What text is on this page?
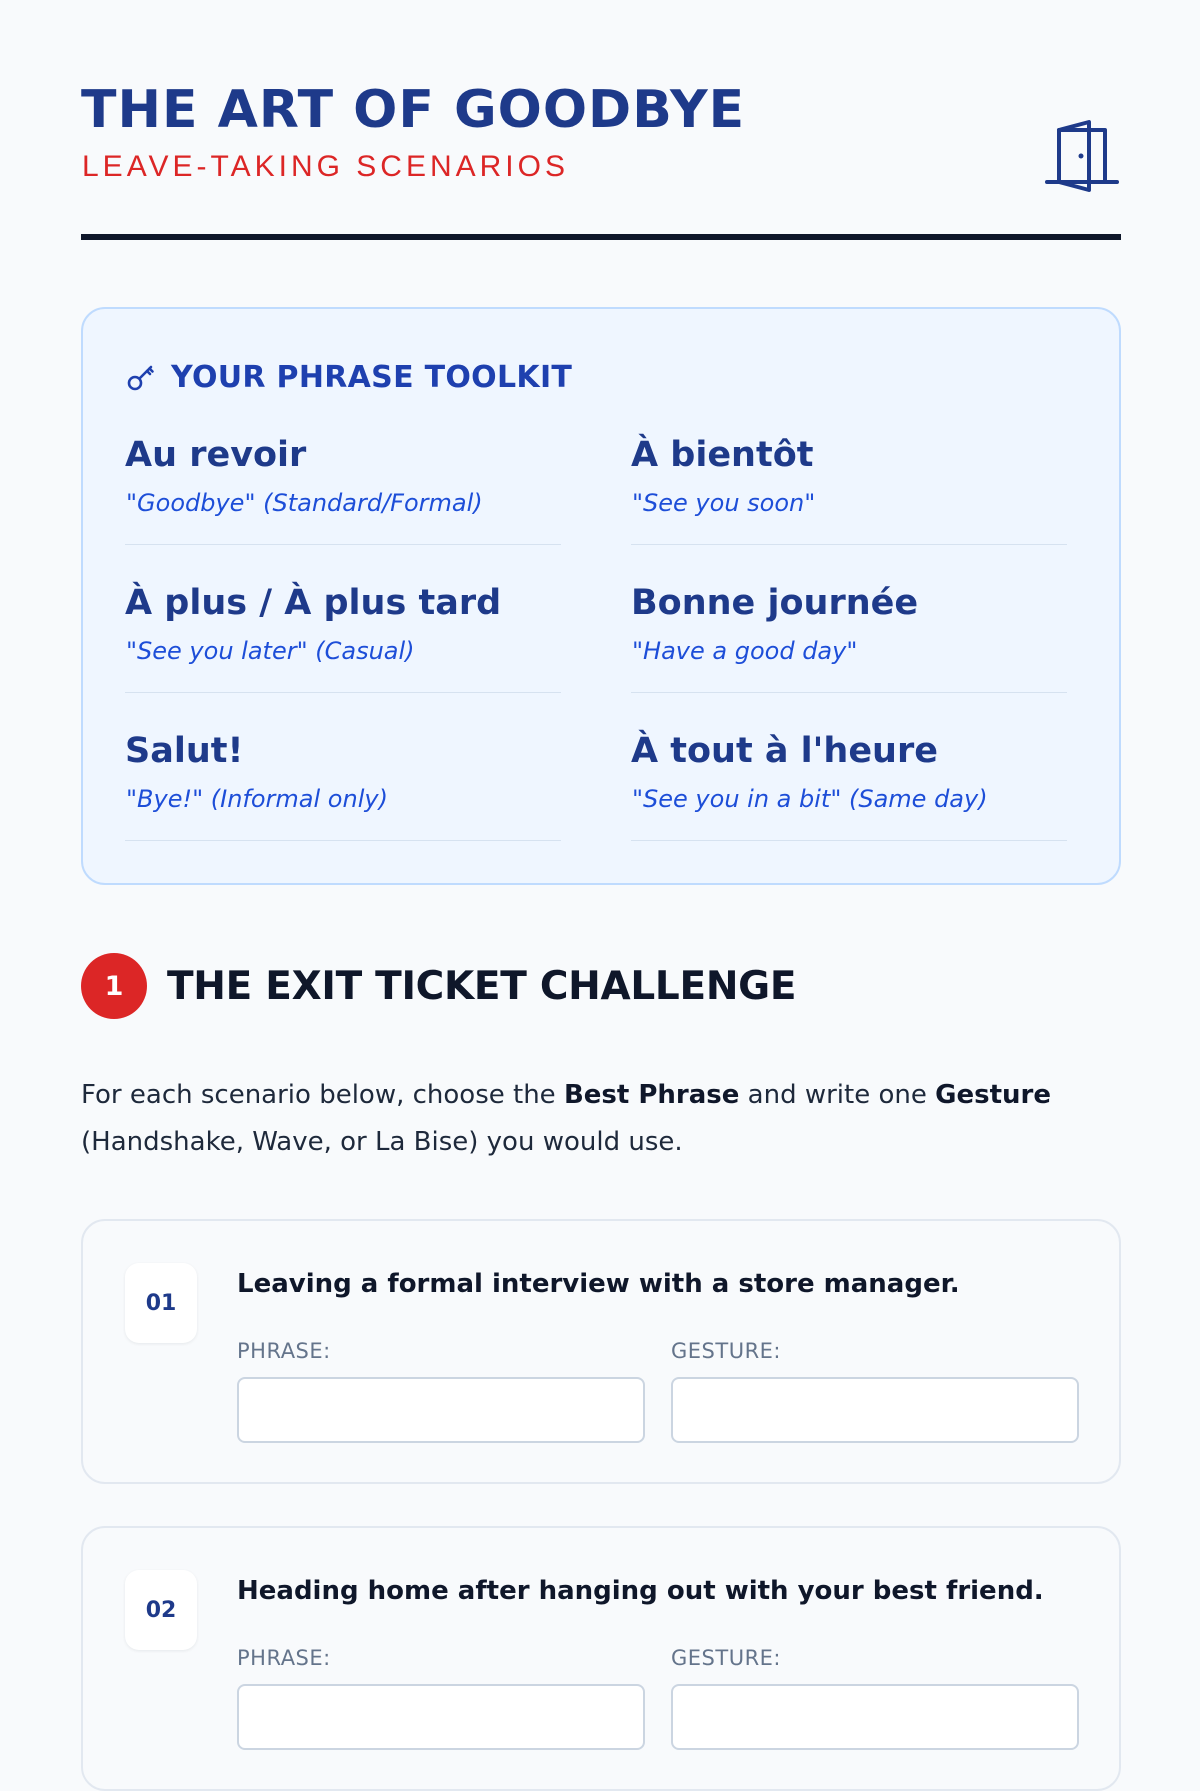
THE ART OF GOODBYE
LEAVE-TAKING SCENARIOS
YOUR PHRASE TOOLKIT
Au revoir
"Goodbye" (Standard/Formal)
À bientôt
"See you soon"
À plus / À plus tard
"See you later" (Casual)
Bonne journée
"Have a good day"
Salut!
"Bye!" (Informal only)
À tout à l'heure
"See you in a bit" (Same day)
1	THE EXIT TICKET CHALLENGE

For each scenario below, choose the Best Phrase and write one Gesture (Handshake, Wave, or La Bise) you would use.

01
Leaving a formal interview with a store manager.
PHRASE:	GESTURE:
02
Heading home after hanging out with your best friend.
PHRASE:	GESTURE:
